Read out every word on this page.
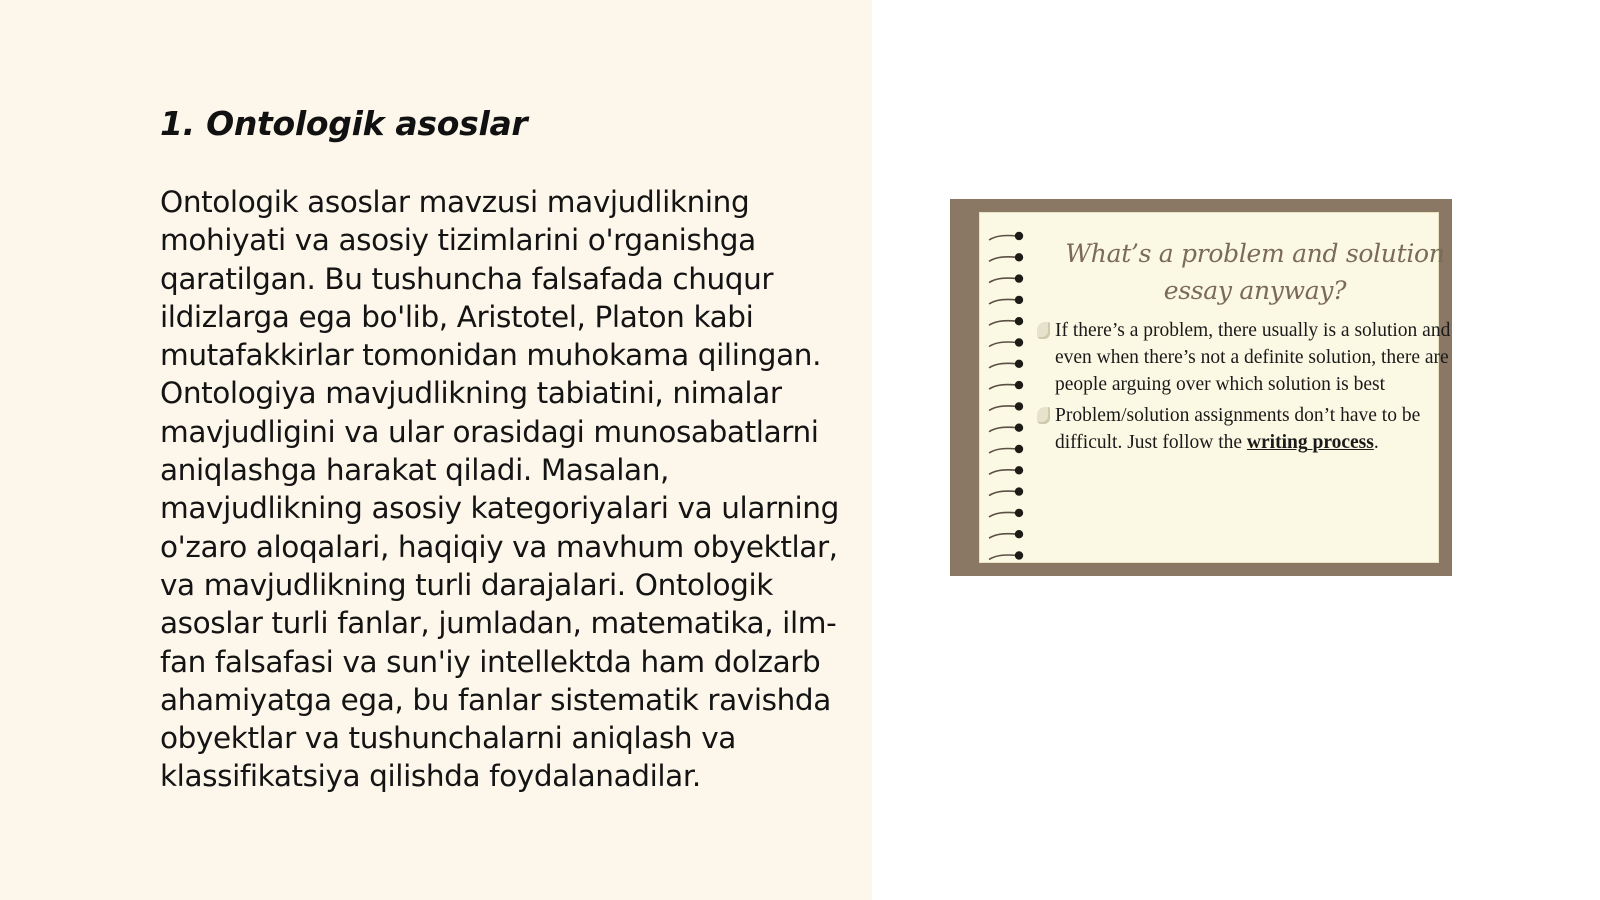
1. Ontologik asoslar

Ontologik asoslar mavzusi mavjudlikning mohiyati va asosiy tizimlarini o'rganishga qaratilgan. Bu tushuncha falsafada chuqur ildizlarga ega bo'lib, Aristotel, Platon kabi mutafakkirlar tomonidan muhokama qilingan. Ontologiya mavjudlikning tabiatini, nimalar mavjudligini va ular orasidagi munosabatlarni aniqlashga harakat qiladi. Masalan, mavjudlikning asosiy kategoriyalari va ularning o'zaro aloqalari, haqiqiy va mavhum obyektlar, va mavjudlikning turli darajalari. Ontologik asoslar turli fanlar, jumladan, matematika, ilm-fan falsafasi va sun'iy intellektda ham dolzarb ahamiyatga ega, bu fanlar sistematik ravishda obyektlar va tushunchalarni aniqlash va klassifikatsiya qilishda foydalanadilar.

What’s a problem and solution
essay anyway?
If there’s a problem, there usually is a solution and even when there’s not a definite solution, there are people arguing over which solution is best
Problem/solution assignments don’t have to be difficult. Just follow the writing process.
